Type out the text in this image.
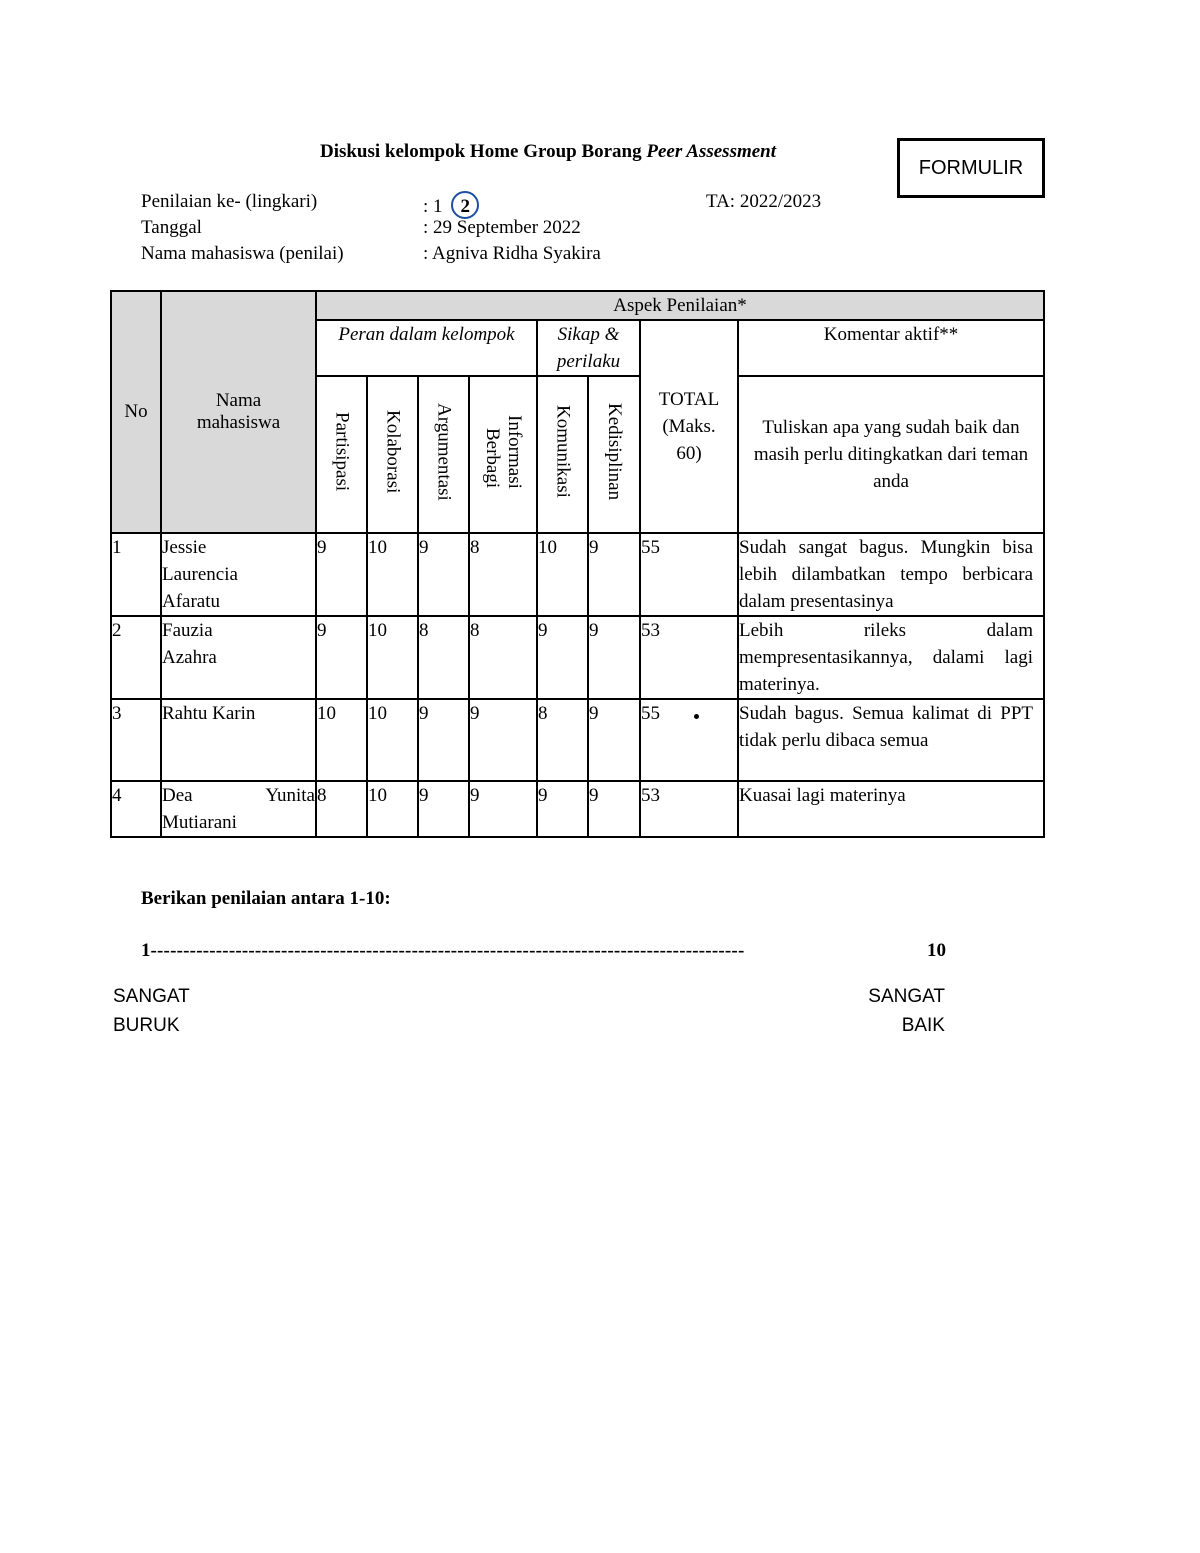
Diskusi kelompok Home Group Borang Peer Assessment
FORMULIR
Penilaian ke- (lingkari)	: 1 2	TA: 2022/2023
Tanggal	: 29 September 2022
Nama mahasiswa (penilai)	: Agniva Ridha Syakira
No	Nama mahasiswa	Aspek Penilaian*							
		Peran dalam kelompok				Sikap & perilaku		TOTAL (Maks. 60)	Komentar aktif**
		Partisipasi	Kolaborasi	Argumentasi	BerbagiInformasi	Komunikasi	Kedisiplinan		Tuliskan apa yang sudah baik dan masih perlu ditingkatkan dari teman anda
1	Jessie Laurencia Afaratu	9	10	9	8	10	9	55	Sudah sangat bagus. Mungkin bisa lebih dilambatkan tempo berbicara dalam presentasinya
2	Fauzia Azahra	9	10	8	8	9	9	53	Lebih rileks dalam mempresentasikannya, dalami lagi materinya.
3	Rahtu Karin	10	10	9	9	8	9	55	Sudah bagus. Semua kalimat di PPT tidak perlu dibaca semua
4	Dea Yunita Mutiarani	8	10	9	9	9	9	53	Kuasai lagi materinya
Berikan penilaian antara 1-10:
1 -------------------------------------------------------------------------------------------	10
SANGAT
BURUK
SANGAT
BAIK
